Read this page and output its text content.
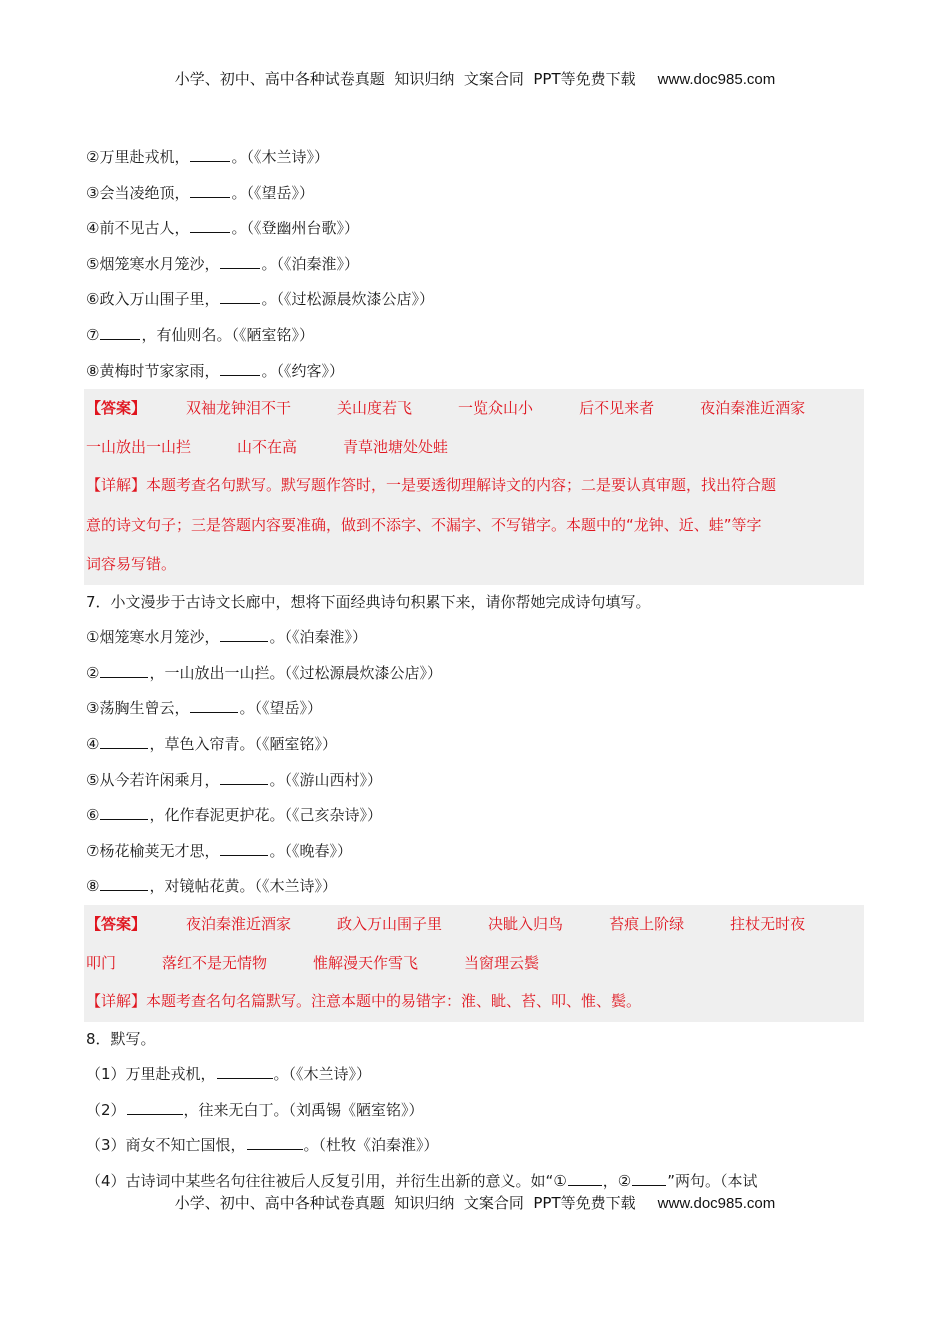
小学、初中、高中各种试卷真题  知识归纳  文案合同  PPT等免费下载 www.doc985.com
②万里赴戎机，	。（《木兰诗》）
③会当凌绝顶，	。（《望岳》）
④前不见古人，	。（《登幽州台歌》）
⑤烟笼寒水月笼沙，	。（《泊秦淮》）
⑥政入万山围子里，	。（《过松源晨炊漆公店》）
⑦	，有仙则名。（《陋室铭》）
⑧黄梅时节家家雨，	。（《约客》）
【答案】	双袖龙钟泪不干	关山度若飞	一览众山小	后不见来者	夜泊秦淮近酒家
一山放出一山拦	山不在高	青草池塘处处蛙
【详解】本题考查名句默写。默写题作答时，一是要透彻理解诗文的内容；二是要认真审题，找出符合题
意的诗文句子；三是答题内容要准确，做到不添字、不漏字、不写错字。本题中的“龙钟、近、蛙”等字
词容易写错。
7．小文漫步于古诗文长廊中，想将下面经典诗句积累下来，请你帮她完成诗句填写。
①烟笼寒水月笼沙，	。（《泊秦淮》）
②	，一山放出一山拦。（《过松源晨炊漆公店》）
③荡胸生曾云，	。（《望岳》）
④	，草色入帘青。（《陋室铭》）
⑤从今若许闲乘月，	。（《游山西村》）
⑥	，化作春泥更护花。（《己亥杂诗》）
⑦杨花榆荚无才思，	。（《晚春》）
⑧	，对镜帖花黄。（《木兰诗》）
【答案】	夜泊秦淮近酒家	政入万山围子里	决眦入归鸟	苔痕上阶绿	拄杖无时夜
叩门	落红不是无情物	惟解漫天作雪飞	当窗理云鬓
【详解】本题考查名句名篇默写。注意本题中的易错字：淮、眦、苔、叩、惟、鬓。
8．默写。
（1）万里赴戎机，	。（《木兰诗》）
（2）	，往来无白丁。（刘禹锡《陋室铭》）
（3）商女不知亡国恨，	。（杜牧《泊秦淮》）
（4）古诗词中某些名句往往被后人反复引用，并衍生出新的意义。如“① ，② ”两句。（本试
小学、初中、高中各种试卷真题  知识归纳  文案合同  PPT等免费下载 www.doc985.com
